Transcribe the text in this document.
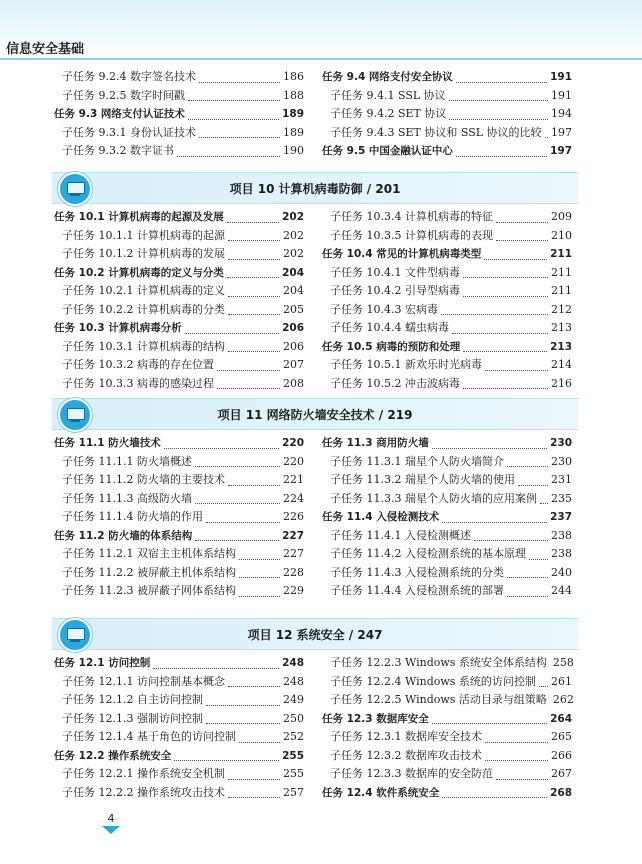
信息安全基础
子任务 9.2.4 数字签名技术	186
子任务 9.2.5 数字时间戳	188
任务 9.3 网络支付认证技术	189
子任务 9.3.1 身份认证技术	189
子任务 9.3.2 数字证书	190
任务 9.4 网络支付安全协议	191
子任务 9.4.1 SSL 协议	191
子任务 9.4.2 SET 协议	194
子任务 9.4.3 SET 协议和 SSL 协议的比较 197
任务 9.5 中国金融认证中心	197
项目 10 计算机病毒防御 / 201
任务 10.1 计算机病毒的起源及发展	202
子任务 10.1.1 计算机病毒的起源	202
子任务 10.1.2 计算机病毒的发展	202
任务 10.2 计算机病毒的定义与分类	204
子任务 10.2.1 计算机病毒的定义	204
子任务 10.2.2 计算机病毒的分类	205
任务 10.3 计算机病毒分析	206
子任务 10.3.1 计算机病毒的结构	206
子任务 10.3.2 病毒的存在位置	207
子任务 10.3.3 病毒的感染过程	208
子任务 10.3.4 计算机病毒的特征	209
子任务 10.3.5 计算机病毒的表现	210
任务 10.4 常见的计算机病毒类型	211
子任务 10.4.1 文件型病毒	211
子任务 10.4.2 引导型病毒	211
子任务 10.4.3 宏病毒	212
子任务 10.4.4 蠕虫病毒	213
任务 10.5 病毒的预防和处理	213
子任务 10.5.1 新欢乐时光病毒	214
子任务 10.5.2 冲击波病毒	216
项目 11 网络防火墙安全技术 / 219
任务 11.1 防火墙技术	220
子任务 11.1.1 防火墙概述	220
子任务 11.1.2 防火墙的主要技术	221
子任务 11.1.3 高级防火墙	224
子任务 11.1.4 防火墙的作用	226
任务 11.2 防火墙的体系结构	227
子任务 11.2.1 双宿主主机体系结构	227
子任务 11.2.2 被屏蔽主机体系结构	228
子任务 11.2.3 被屏蔽子网体系结构	229
任务 11.3 商用防火墙	230
子任务 11.3.1 瑞星个人防火墙简介	230
子任务 11.3.2 瑞星个人防火墙的使用	231
子任务 11.3.3 瑞星个人防火墙的应用案例 235
任务 11.4 入侵检测技术	237
子任务 11.4.1 入侵检测概述	238
子任务 11.4.2 入侵检测系统的基本原理 238
子任务 11.4.3 入侵检测系统的分类	240
子任务 11.4.4 入侵检测系统的部署	244
项目 12 系统安全 / 247
任务 12.1 访问控制	248
子任务 12.1.1 访问控制基本概念	248
子任务 12.1.2 自主访问控制	249
子任务 12.1.3 强制访问控制	250
子任务 12.1.4 基于角色的访问控制	252
任务 12.2 操作系统安全	255
子任务 12.2.1 操作系统安全机制	255
子任务 12.2.2 操作系统攻击技术	257
子任务 12.2.3 Windows 系统安全体系结构 258
子任务 12.2.4 Windows 系统的访问控制 261
子任务 12.2.5 Windows 活动目录与组策略 262
任务 12.3 数据库安全	264
子任务 12.3.1 数据库安全技术	265
子任务 12.3.2 数据库攻击技术	266
子任务 12.3.3 数据库的安全防范	267
任务 12.4 软件系统安全	268
4
